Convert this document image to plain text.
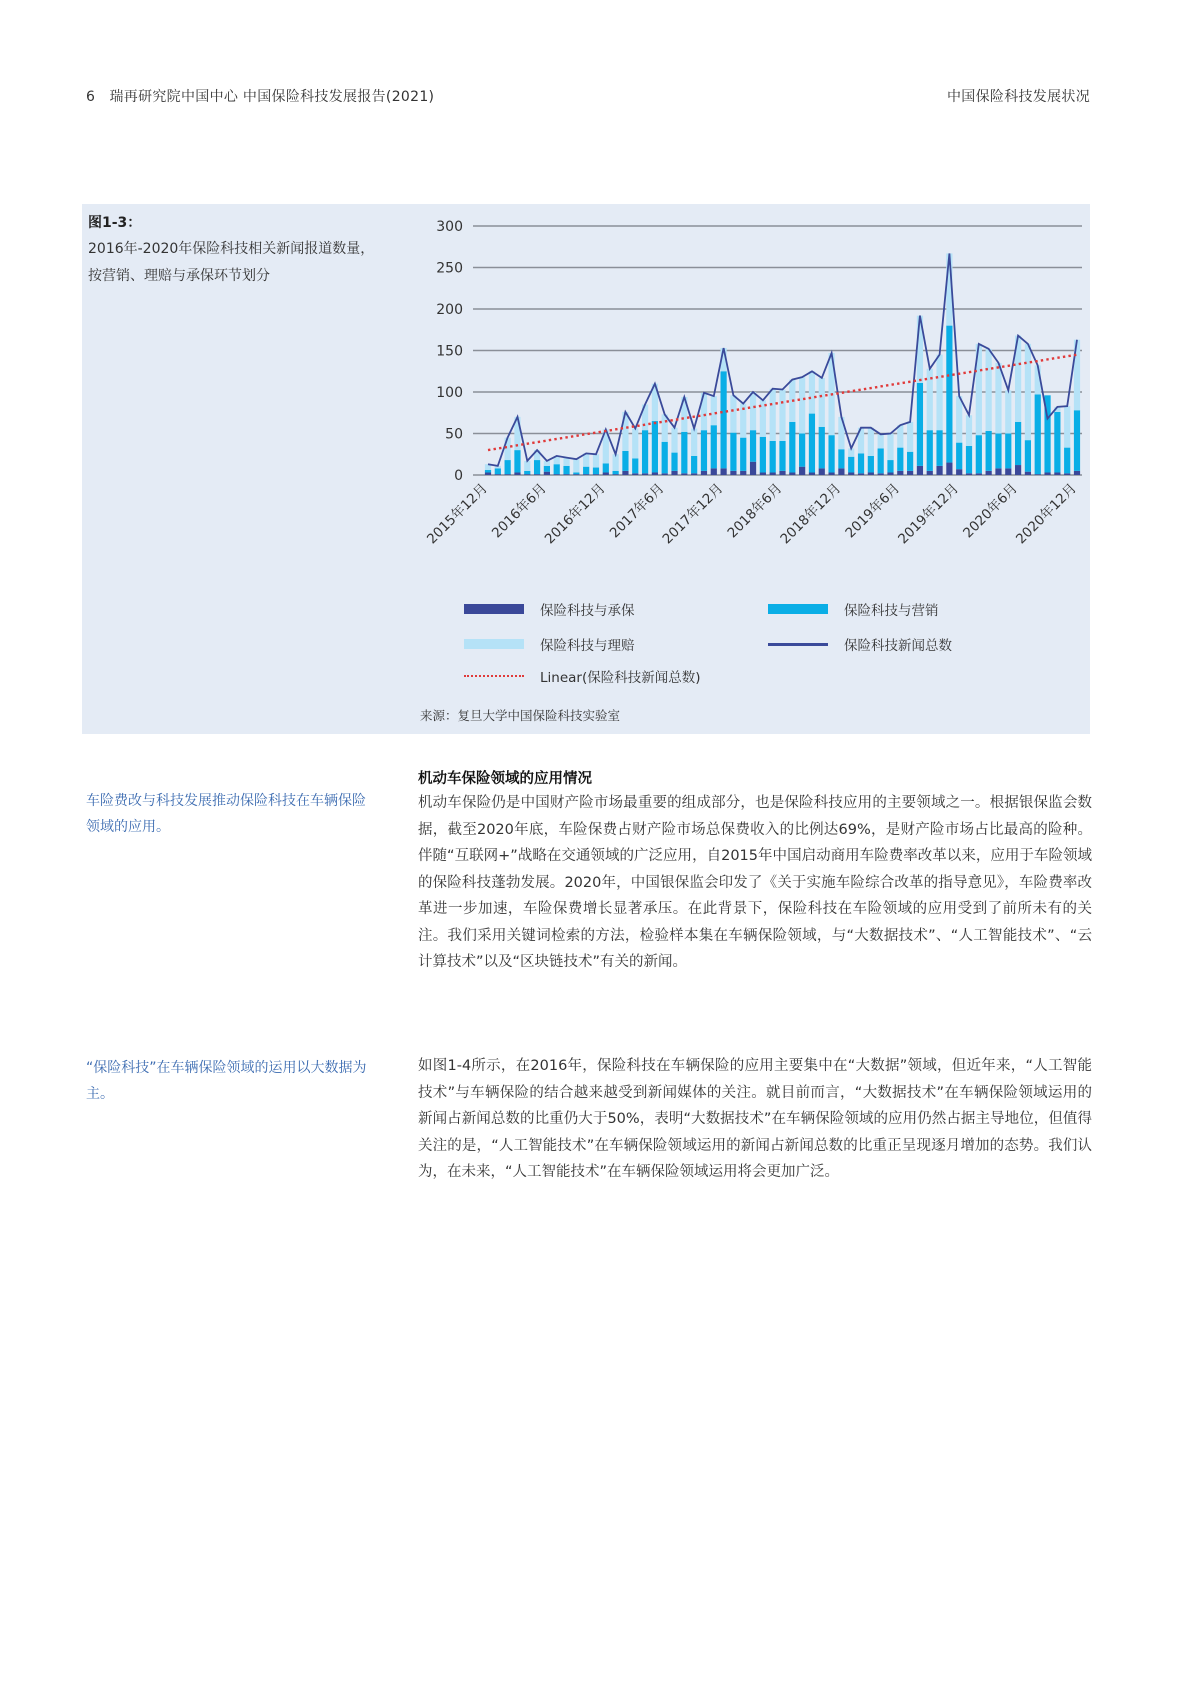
6 瑞再研究院中国中心 中国保险科技发展报告(2021)	中国保险科技发展状况
图1-3：
2016年-2020年保险科技相关新闻报道数量，按营销、理赔与承保环节划分
0
50
100
150
200
250
300
2015年12月
2016年6月
2016年12月
2017年6月
2017年12月
2018年6月
2018年12月
2019年6月
2019年12月
2020年6月
2020年12月
保险科技与承保	保险科技与营销
保险科技与理赔	保险科技新闻总数
Linear(保险科技新闻总数)
来源：复旦大学中国保险科技实验室
车险费改与科技发展推动保险科技在车辆保险领域的应用。
“保险科技”在车辆保险领域的运用以大数据为主。
机动车保险领域的应用情况
机动车保险仍是中国财产险市场最重要的组成部分，也是保险科技应用的主要领域之一。根据银保监会数据，截至2020年底，车险保费占财产险市场总保费收入的比例达69%，是财产险市场占比最高的险种。伴随“互联网+”战略在交通领域的广泛应用，自2015年中国启动商用车险费率改革以来，应用于车险领域的保险科技蓬勃发展。2020年，中国银保监会印发了《关于实施车险综合改革的指导意见》，车险费率改革进一步加速，车险保费增长显著承压。在此背景下，保险科技在车险领域的应用受到了前所未有的关注。我们采用关键词检索的方法，检验样本集在车辆保险领域，与“大数据技术”、“人工智能技术”、“云计算技术”以及“区块链技术”有关的新闻。
如图1-4所示，在2016年，保险科技在车辆保险的应用主要集中在“大数据”领域，但近年来，“人工智能技术”与车辆保险的结合越来越受到新闻媒体的关注。就目前而言，“大数据技术”在车辆保险领域运用的新闻占新闻总数的比重仍大于50%，表明“大数据技术”在车辆保险领域的应用仍然占据主导地位，但值得关注的是，“人工智能技术”在车辆保险领域运用的新闻占新闻总数的比重正呈现逐月增加的态势。我们认为，在未来，“人工智能技术”在车辆保险领域运用将会更加广泛。
